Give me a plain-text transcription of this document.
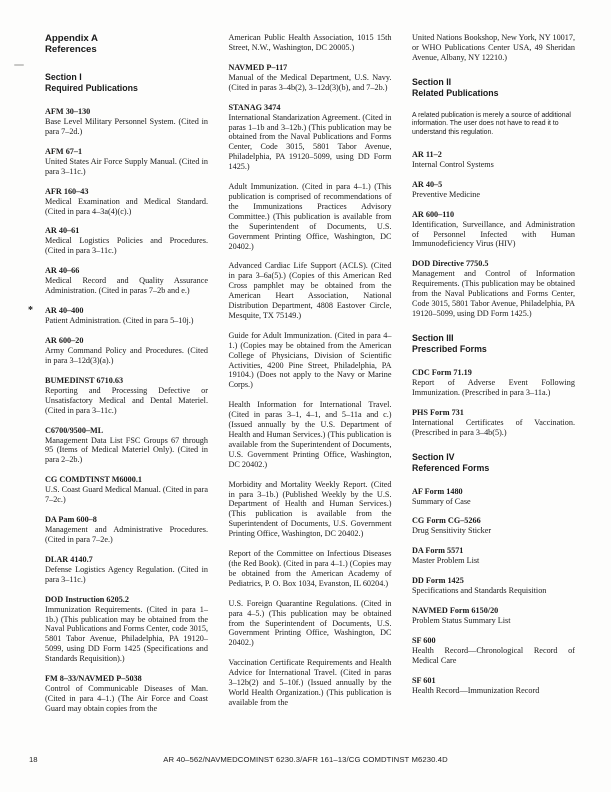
Appendix A
References
Section I
Required Publications
AFM 30–130
Base Level Military Personnel System. (Cited in para 7–2d.)
AFM 67–1
United States Air Force Supply Manual. (Cited in para 3–11c.)
AFR 160–43
Medical Examination and Medical Standard. (Cited in para 4–3a(4)(c).)
AR 40–61
Medical Logistics Policies and Procedures. (Cited in para 3–11c.)
AR 40–66
Medical Record and Quality Assurance Administration. (Cited in paras 7–2b and e.)
* AR 40–400
Patient Administration. (Cited in para 5–10j.)
AR 600–20
Army Command Policy and Procedures. (Cited in para 3–12d(3)(a).)
BUMEDINST 6710.63
Reporting and Processing Defective or Unsatisfactory Medical and Dental Materiel. (Cited in para 3–11c.)
C6700/9500–ML
Management Data List FSC Groups 67 through 95 (Items of Medical Materiel Only). (Cited in para 2–2b.)
CG COMDTINST M6000.1
U.S. Coast Guard Medical Manual. (Cited in para 7–2c.)
DA Pam 600–8
Management and Administrative Procedures. (Cited in para 7–2e.)
DLAR 4140.7
Defense Logistics Agency Regulation. (Cited in para 3–11c.)
DOD Instruction 6205.2
Immunization Requirements. (Cited in para 1–1b.) (This publication may be obtained from the Naval Publications and Forms Center, code 3015, 5801 Tabor Avenue, Philadelphia, PA 19120–5099, using DD Form 1425 (Specifications and Standards Requisition).)
FM 8–33/NAVMED P–5038
Control of Communicable Diseases of Man. (Cited in para 4–1.) (The Air Force and Coast Guard may obtain copies from the
American Public Health Association, 1015 15th Street, N.W., Washington, DC 20005.)
NAVMED P–117
Manual of the Medical Department, U.S. Navy. (Cited in paras 3–4b(2), 3–12d(3)(b), and 7–2b.)
STANAG 3474
International Standarization Agreement. (Cited in paras 1–1b and 3–12b.) (This publication may be obtained from the Naval Publications and Forms Center, Code 3015, 5801 Tabor Avenue, Philadelphia, PA 19120–5099, using DD Form 1425.)
Adult Immunization. (Cited in para 4–1.) (This publication is comprised of recommendations of the Immunizations Practices Advisory Committee.) (This publication is available from the Superintendent of Documents, U.S. Government Printing Office, Washington, DC 20402.)
Advanced Cardiac Life Support (ACLS). (Cited in para 3–6a(5).) (Copies of this American Red Cross pamphlet may be obtained from the American Heart Association, National Distribution Department, 4808 Eastover Circle, Mesquite, TX 75149.)
Guide for Adult Immunization. (Cited in para 4–1.) (Copies may be obtained from the American College of Physicians, Division of Scientific Activities, 4200 Pine Street, Philadelphia, PA 19104.) (Does not apply to the Navy or Marine Corps.)
Health Information for International Travel. (Cited in paras 3–1, 4–1, and 5–11a and c.) (Issued annually by the U.S. Department of Health and Human Services.) (This publication is available from the Superintendent of Documents, U.S. Government Printing Office, Washington, DC 20402.)
Morbidity and Mortality Weekly Report. (Cited in para 3–1b.) (Published Weekly by the U.S. Department of Health and Human Services.) (This publication is available from the Superintendent of Documents, U.S. Government Printing Office, Washington, DC 20402.)
Report of the Committee on Infectious Diseases (the Red Book). (Cited in para 4–1.) (Copies may be obtained from the American Academy of Pediatrics, P. O. Box 1034, Evanston, IL 60204.)
U.S. Foreign Quarantine Regulations. (Cited in para 4–5.) (This publication may be obtained from the Superintendent of Documents, U.S. Government Printing Office, Washington, DC 20402.)
Vaccination Certificate Requirements and Health Advice for International Travel. (Cited in paras 3–12b(2) and 5–10f.) (Issued annually by the World Health Organization.) (This publication is available from the
United Nations Bookshop, New York, NY 10017, or WHO Publications Center USA, 49 Sheridan Avenue, Albany, NY 12210.)
Section II
Related Publications
A related publication is merely a source of additional information. The user does not have to read it to understand this regulation.
AR 11–2
Internal Control Systems
AR 40–5
Preventive Medicine
AR 600–110
Identification, Surveillance, and Administration of Personnel Infected with Human Immunodeficiency Virus (HIV)
DOD Directive 7750.5
Management and Control of Information Requirements. (This publication may be obtained from the Naval Publications and Forms Center, Code 3015, 5801 Tabor Avenue, Philadelphia, PA 19120–5099, using DD Form 1425.)
Section III
Prescribed Forms
CDC Form 71.19
Report of Adverse Event Following Immunization. (Prescribed in para 3–11a.)
PHS Form 731
International Certificates of Vaccination. (Prescribed in para 3–4b(5).)
Section IV
Referenced Forms
AF Form 1480
Summary of Case
CG Form CG–5266
Drug Sensitivity Sticker
DA Form 5571
Master Problem List
DD Form 1425
Specifications and Standards Requisition
NAVMED Form 6150/20
Problem Status Summary List
SF 600
Health Record—Chronological Record of Medical Care
SF 601
Health Record—Immunization Record
18	AR 40–562/NAVMEDCOMINST 6230.3/AFR 161–13/CG COMDTINST M6230.4D
